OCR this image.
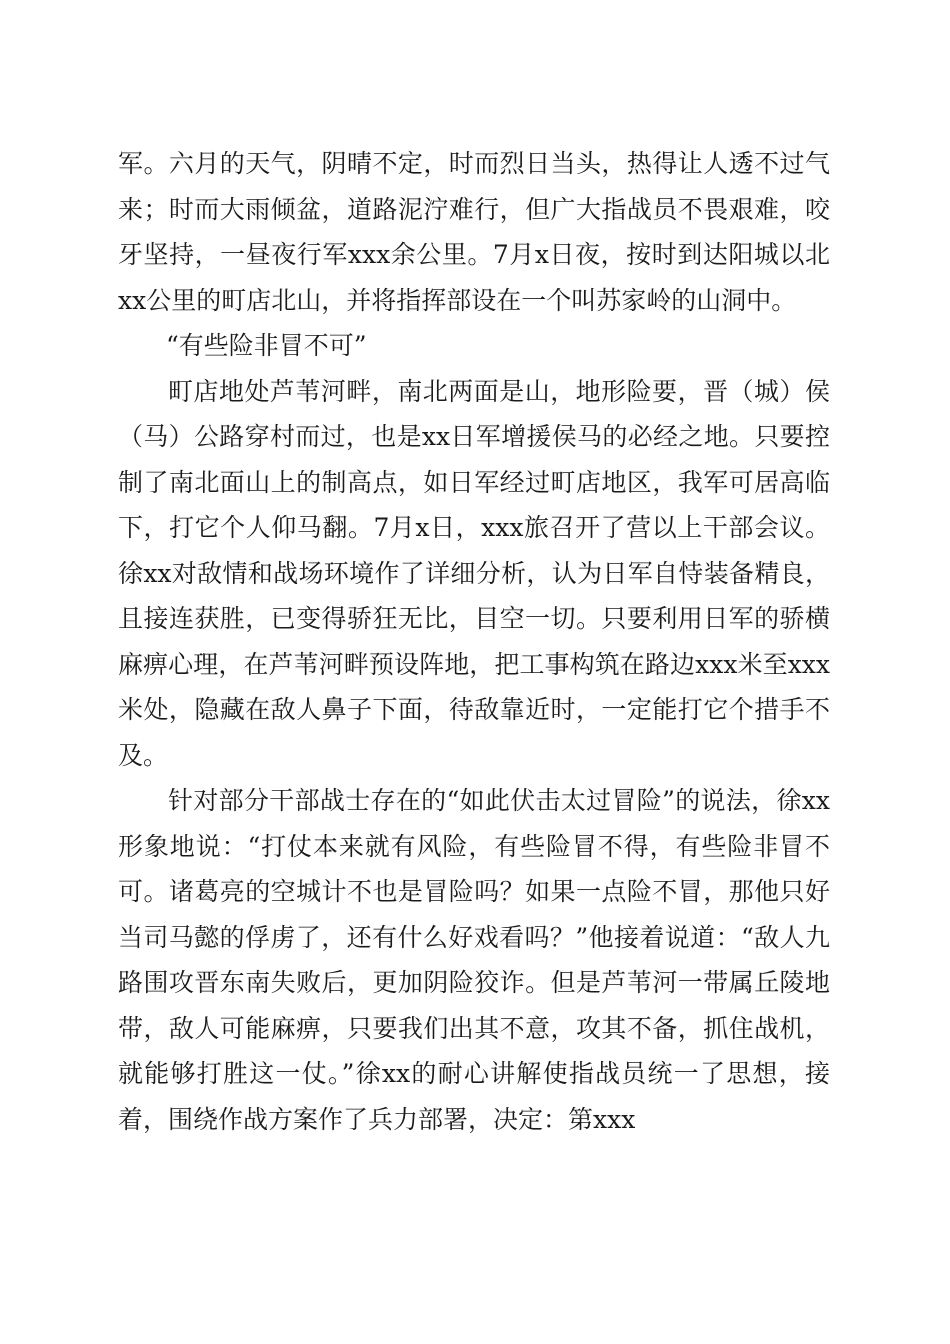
军。六月的天气，阴晴不定，时而烈日当头，热得让人透不过气来；时而大雨倾盆，道路泥泞难行，但广大指战员不畏艰难，咬牙坚持，一昼夜行军xxx余公里。7月x日夜，按时到达阳城以北xx公里的町店北山，并将指挥部设在一个叫苏家岭的山洞中。

“有些险非冒不可”

町店地处芦苇河畔，南北两面是山，地形险要，晋（城）侯（马）公路穿村而过，也是xx日军增援侯马的必经之地。只要控制了南北面山上的制高点，如日军经过町店地区，我军可居高临下，打它个人仰马翻。7月x日，xxx旅召开了营以上干部会议。徐xx对敌情和战场环境作了详细分析，认为日军自恃装备精良，且接连获胜，已变得骄狂无比，目空一切。只要利用日军的骄横麻痹心理，在芦苇河畔预设阵地，把工事构筑在路边xxx米至xxx米处，隐藏在敌人鼻子下面，待敌靠近时，一定能打它个措手不及。

针对部分干部战士存在的“如此伏击太过冒险”的说法，徐xx形象地说：“打仗本来就有风险，有些险冒不得，有些险非冒不可。诸葛亮的空城计不也是冒险吗？如果一点险不冒，那他只好当司马懿的俘虏了，还有什么好戏看吗？”他接着说道：“敌人九路围攻晋东南失败后，更加阴险狡诈。但是芦苇河一带属丘陵地带，敌人可能麻痹，只要我们出其不意，攻其不备，抓住战机，就能够打胜这一仗。”徐xx的耐心讲解使指战员统一了思想，接着，围绕作战方案作了兵力部署，决定：第xxx
